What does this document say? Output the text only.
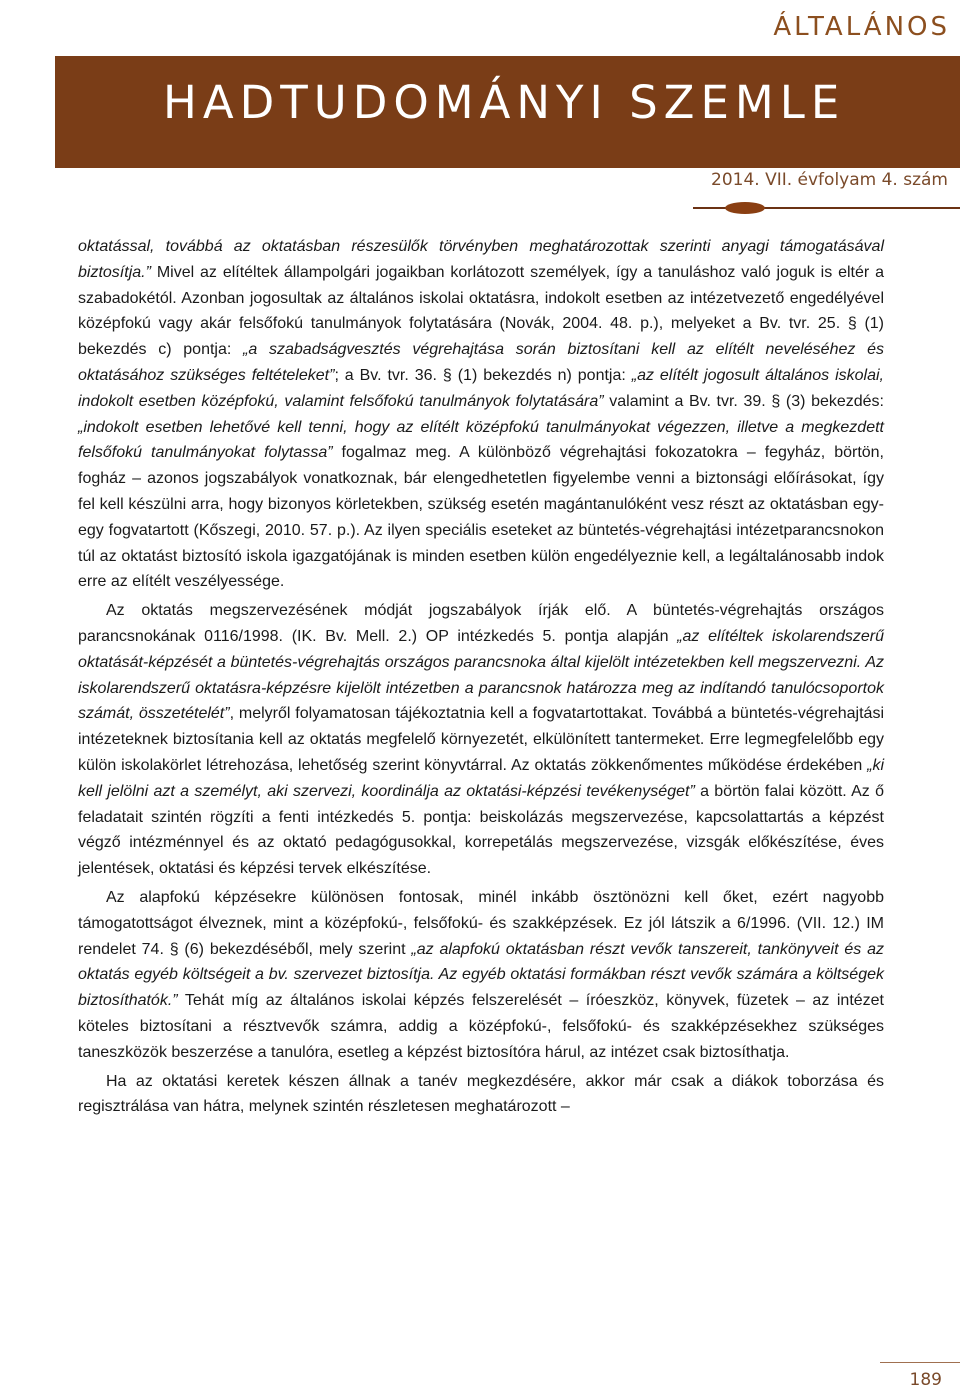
ÁLTALÁNOS
HADTUDOMÁNYI SZEMLE
2014. VII. évfolyam 4. szám

oktatással, továbbá az oktatásban részesülők törvényben meghatározottak szerinti anyagi támogatásával biztosítja.” Mivel az elítéltek állampolgári jogaikban korlátozott személyek, így a tanuláshoz való joguk is eltér a szabadokétól. Azonban jogosultak az általános iskolai oktatásra, indokolt esetben az intézetvezető engedélyével középfokú vagy akár felsőfokú tanulmányok folytatására (Novák, 2004. 48. p.), melyeket a Bv. tvr. 25. § (1) bekezdés c) pontja: „a szabadságvesztés végrehajtása során biztosítani kell az elítélt neveléséhez és oktatásához szükséges feltételeket”; a Bv. tvr. 36. § (1) bekezdés n) pontja: „az elítélt jogosult általános iskolai, indokolt esetben középfokú, valamint felsőfokú tanulmányok folytatására” valamint a Bv. tvr. 39. § (3) bekezdés: „indokolt esetben lehetővé kell tenni, hogy az elítélt középfokú tanulmányokat végezzen, illetve a megkezdett felsőfokú tanulmányokat folytassa” fogalmaz meg. A különböző végrehajtási fokozatokra – fegyház, börtön, fogház – azonos jogszabályok vonatkoznak, bár elengedhetetlen figyelembe venni a biztonsági előírásokat, így fel kell készülni arra, hogy bizonyos körletekben, szükség esetén magántanulóként vesz részt az oktatásban egy-egy fogvatartott (Kőszegi, 2010. 57. p.). Az ilyen speciális eseteket az büntetés-végrehajtási intézetparancsnokon túl az oktatást biztosító iskola igazgatójának is minden esetben külön engedélyeznie kell, a legáltalánosabb indok erre az elítélt veszélyessége.

Az oktatás megszervezésének módját jogszabályok írják elő. A büntetés-végrehajtás országos parancsnokának 0116/1998. (IK. Bv. Mell. 2.) OP intézkedés 5. pontja alapján „az elítéltek iskolarendszerű oktatását-képzését a büntetés-végrehajtás országos parancsnoka által kijelölt intézetekben kell megszervezni. Az iskolarendszerű oktatásra-képzésre kijelölt intézetben a parancsnok határozza meg az indítandó tanulócsoportok számát, összetételét”, melyről folyamatosan tájékoztatnia kell a fogvatartottakat. Továbbá a büntetés-végrehajtási intézeteknek biztosítania kell az oktatás megfelelő környezetét, elkülönített tantermeket. Erre legmegfelelőbb egy külön iskolakörlet létrehozása, lehetőség szerint könyvtárral. Az oktatás zökkenőmentes működése érdekében „ki kell jelölni azt a személyt, aki szervezi, koordinálja az oktatási-képzési tevékenységet” a börtön falai között. Az ő feladatait szintén rögzíti a fenti intézkedés 5. pontja: beiskolázás megszervezése, kapcsolattartás a képzést végző intézménnyel és az oktató pedagógusokkal, korrepetálás megszervezése, vizsgák előkészítése, éves jelentések, oktatási és képzési tervek elkészítése.

Az alapfokú képzésekre különösen fontosak, minél inkább ösztönözni kell őket, ezért nagyobb támogatottságot élveznek, mint a középfokú-, felsőfokú- és szakképzések. Ez jól látszik a 6/1996. (VII. 12.) IM rendelet 74. § (6) bekezdéséből, mely szerint „az alapfokú oktatásban részt vevők tanszereit, tankönyveit és az oktatás egyéb költségeit a bv. szervezet biztosítja. Az egyéb oktatási formákban részt vevők számára a költségek biztosíthatók.” Tehát míg az általános iskolai képzés felszerelését – íróeszköz, könyvek, füzetek – az intézet köteles biztosítani a résztvevők számra, addig a középfokú-, felsőfokú- és szakképzésekhez szükséges taneszközök beszerzése a tanulóra, esetleg a képzést biztosítóra hárul, az intézet csak biztosíthatja.

Ha az oktatási keretek készen állnak a tanév megkezdésére, akkor már csak a diákok toborzása és regisztrálása van hátra, melynek szintén részletesen meghatározott –

189
